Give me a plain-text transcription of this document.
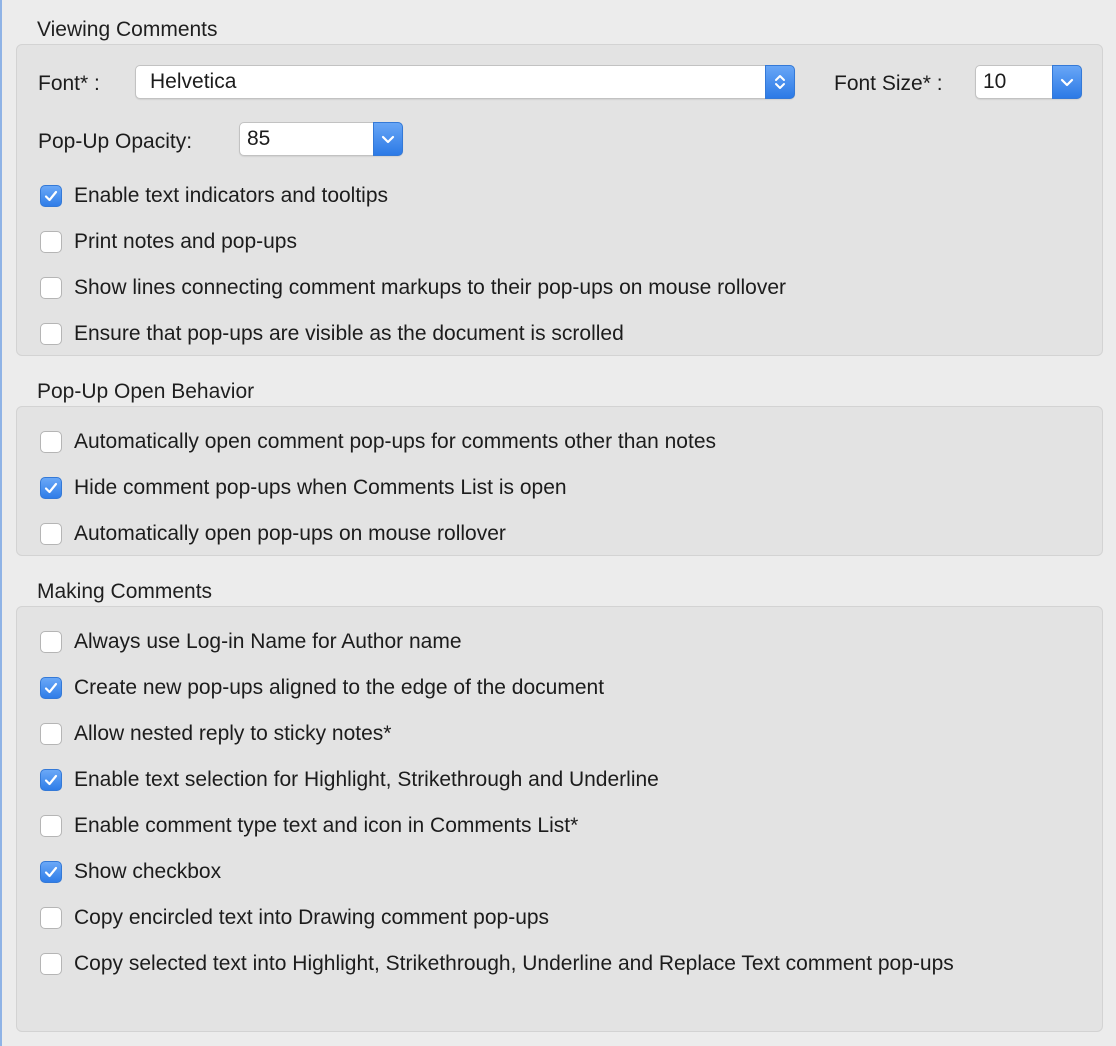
Viewing Comments
Font* : Helvetica	Font Size* : 10
Pop-Up Opacity:	85
Enable text indicators and tooltips
Print notes and pop-ups
Show lines connecting comment markups to their pop-ups on mouse rollover
Ensure that pop-ups are visible as the document is scrolled
Pop-Up Open Behavior
Automatically open comment pop-ups for comments other than notes
Hide comment pop-ups when Comments List is open
Automatically open pop-ups on mouse rollover
Making Comments
Always use Log-in Name for Author name
Create new pop-ups aligned to the edge of the document
Allow nested reply to sticky notes*
Enable text selection for Highlight, Strikethrough and Underline
Enable comment type text and icon in Comments List*
Show checkbox
Copy encircled text into Drawing comment pop-ups
Copy selected text into Highlight, Strikethrough, Underline and Replace Text comment pop-ups
